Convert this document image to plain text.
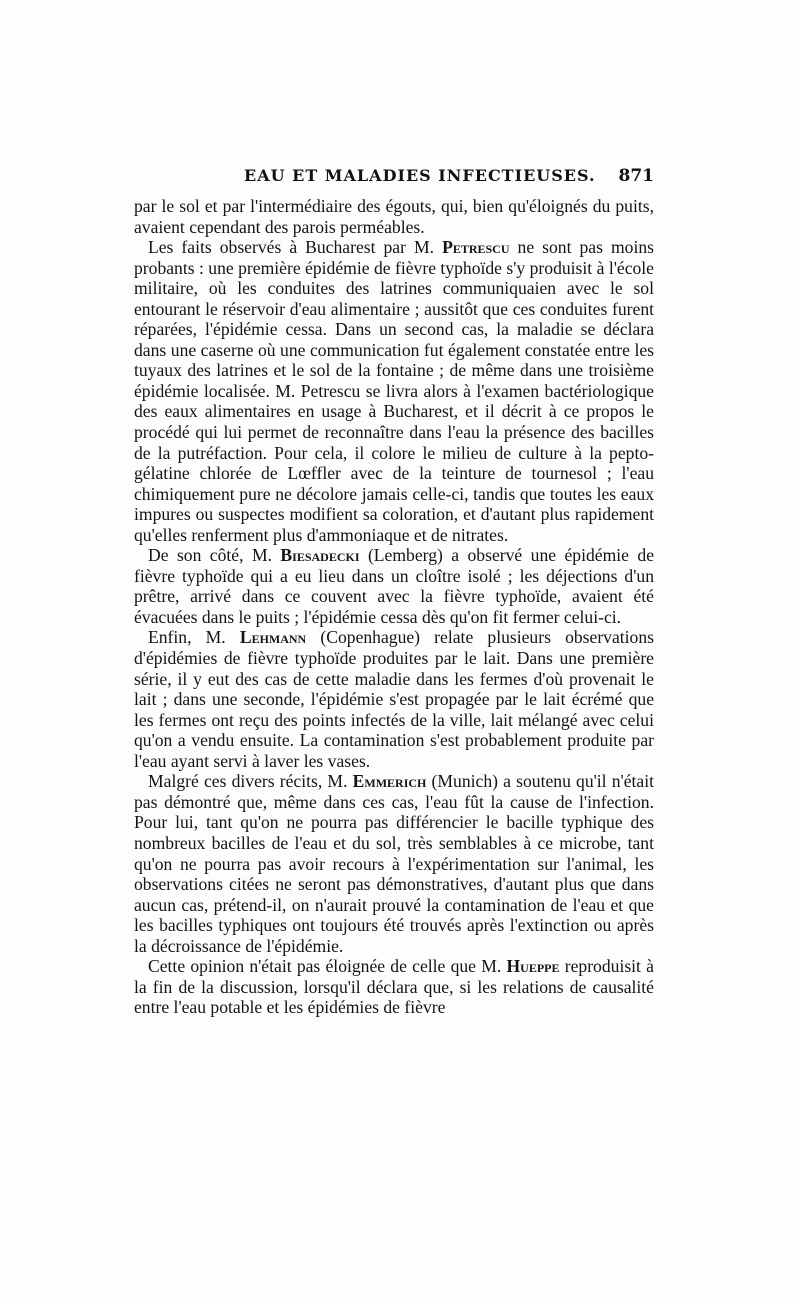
EAU ET MALADIES INFECTIEUSES. 871

par le sol et par l'intermédiaire des égouts, qui, bien qu'éloignés du puits, avaient cependant des parois perméables.

Les faits observés à Bucharest par M. Petrescu ne sont pas moins probants : une première épidémie de fièvre typhoïde s'y produisit à l'école militaire, où les conduites des latrines communiquaien avec le sol entourant le réservoir d'eau alimentaire ; aussitôt que ces conduites furent réparées, l'épidémie cessa. Dans un second cas, la maladie se déclara dans une caserne où une communication fut également constatée entre les tuyaux des latrines et le sol de la fontaine ; de même dans une troisième épidémie localisée. M. Petrescu se livra alors à l'examen bactériologique des eaux alimentaires en usage à Bucharest, et il décrit à ce propos le procédé qui lui permet de reconnaître dans l'eau la présence des bacilles de la putréfaction. Pour cela, il colore le milieu de culture à la pepto-gélatine chlorée de Lœffler avec de la teinture de tournesol ; l'eau chimiquement pure ne décolore jamais celle-ci, tandis que toutes les eaux impures ou suspectes modifient sa coloration, et d'autant plus rapidement qu'elles renferment plus d'ammoniaque et de nitrates.

De son côté, M. Biesadecki (Lemberg) a observé une épidémie de fièvre typhoïde qui a eu lieu dans un cloître isolé ; les déjections d'un prêtre, arrivé dans ce couvent avec la fièvre typhoïde, avaient été évacuées dans le puits ; l'épidémie cessa dès qu'on fit fermer celui-ci.

Enfin, M. Lehmann (Copenhague) relate plusieurs observations d'épidémies de fièvre typhoïde produites par le lait. Dans une première série, il y eut des cas de cette maladie dans les fermes d'où provenait le lait ; dans une seconde, l'épidémie s'est propagée par le lait écrémé que les fermes ont reçu des points infectés de la ville, lait mélangé avec celui qu'on a vendu ensuite. La contamination s'est probablement produite par l'eau ayant servi à laver les vases.

Malgré ces divers récits, M. Emmerich (Munich) a soutenu qu'il n'était pas démontré que, même dans ces cas, l'eau fût la cause de l'infection. Pour lui, tant qu'on ne pourra pas différencier le bacille typhique des nombreux bacilles de l'eau et du sol, très semblables à ce microbe, tant qu'on ne pourra pas avoir recours à l'expérimentation sur l'animal, les observations citées ne seront pas démonstratives, d'autant plus que dans aucun cas, prétend-il, on n'aurait prouvé la contamination de l'eau et que les bacilles typhiques ont toujours été trouvés après l'extinction ou après la décroissance de l'épidémie.

Cette opinion n'était pas éloignée de celle que M. Hueppe reproduisit à la fin de la discussion, lorsqu'il déclara que, si les relations de causalité entre l'eau potable et les épidémies de fièvre
